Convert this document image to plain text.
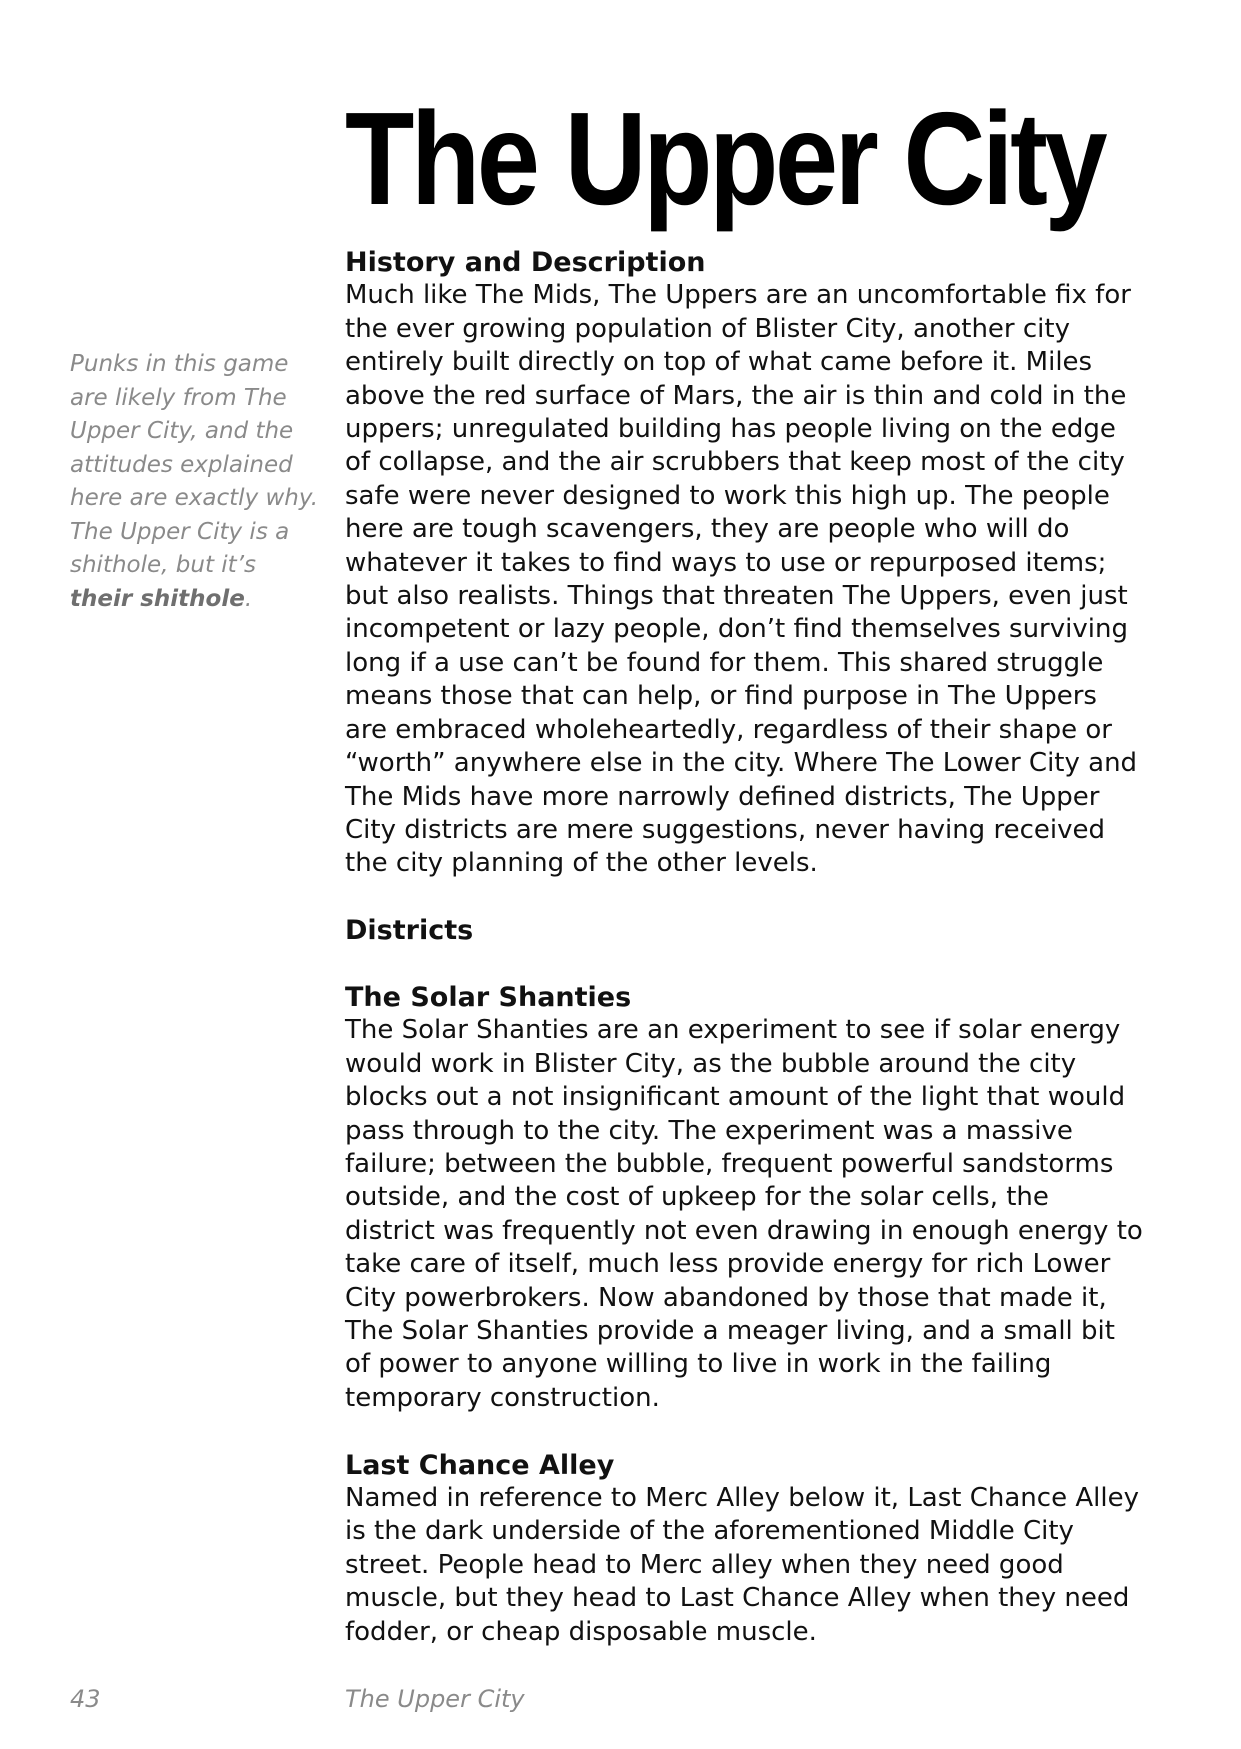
The Upper City

Punks in this game are likely from The Upper City, and the attitudes explained here are exactly why. The Upper City is a shithole, but it’s their shithole.

History and Description

Much like The Mids, The Uppers are an uncomfortable fix for the ever growing population of Blister City, another city entirely built directly on top of what came before it. Miles above the red surface of Mars, the air is thin and cold in the uppers; unregulated building has people living on the edge of collapse, and the air scrubbers that keep most of the city safe were never designed to work this high up. The people here are tough scavengers, they are people who will do whatever it takes to find ways to use or repurposed items; but also realists. Things that threaten The Uppers, even just incompetent or lazy people, don’t find themselves surviving long if a use can’t be found for them. This shared struggle means those that can help, or find purpose in The Uppers are embraced wholeheartedly, regardless of their shape or “worth” anywhere else in the city. Where The Lower City and The Mids have more narrowly defined districts, The Upper City districts are mere suggestions, never having received the city planning of the other levels.

Districts
The Solar Shanties

The Solar Shanties are an experiment to see if solar energy would work in Blister City, as the bubble around the city blocks out a not insignificant amount of the light that would pass through to the city. The experiment was a massive failure; between the bubble, frequent powerful sandstorms outside, and the cost of upkeep for the solar cells, the district was frequently not even drawing in enough energy to take care of itself, much less provide energy for rich Lower City powerbrokers. Now abandoned by those that made it, The Solar Shanties provide a meager living, and a small bit of power to anyone willing to live in work in the failing temporary construction.

Last Chance Alley

Named in reference to Merc Alley below it, Last Chance Alley is the dark underside of the aforementioned Middle City street. People head to Merc alley when they need good muscle, but they head to Last Chance Alley when they need fodder, or cheap disposable muscle.

43	The Upper City
